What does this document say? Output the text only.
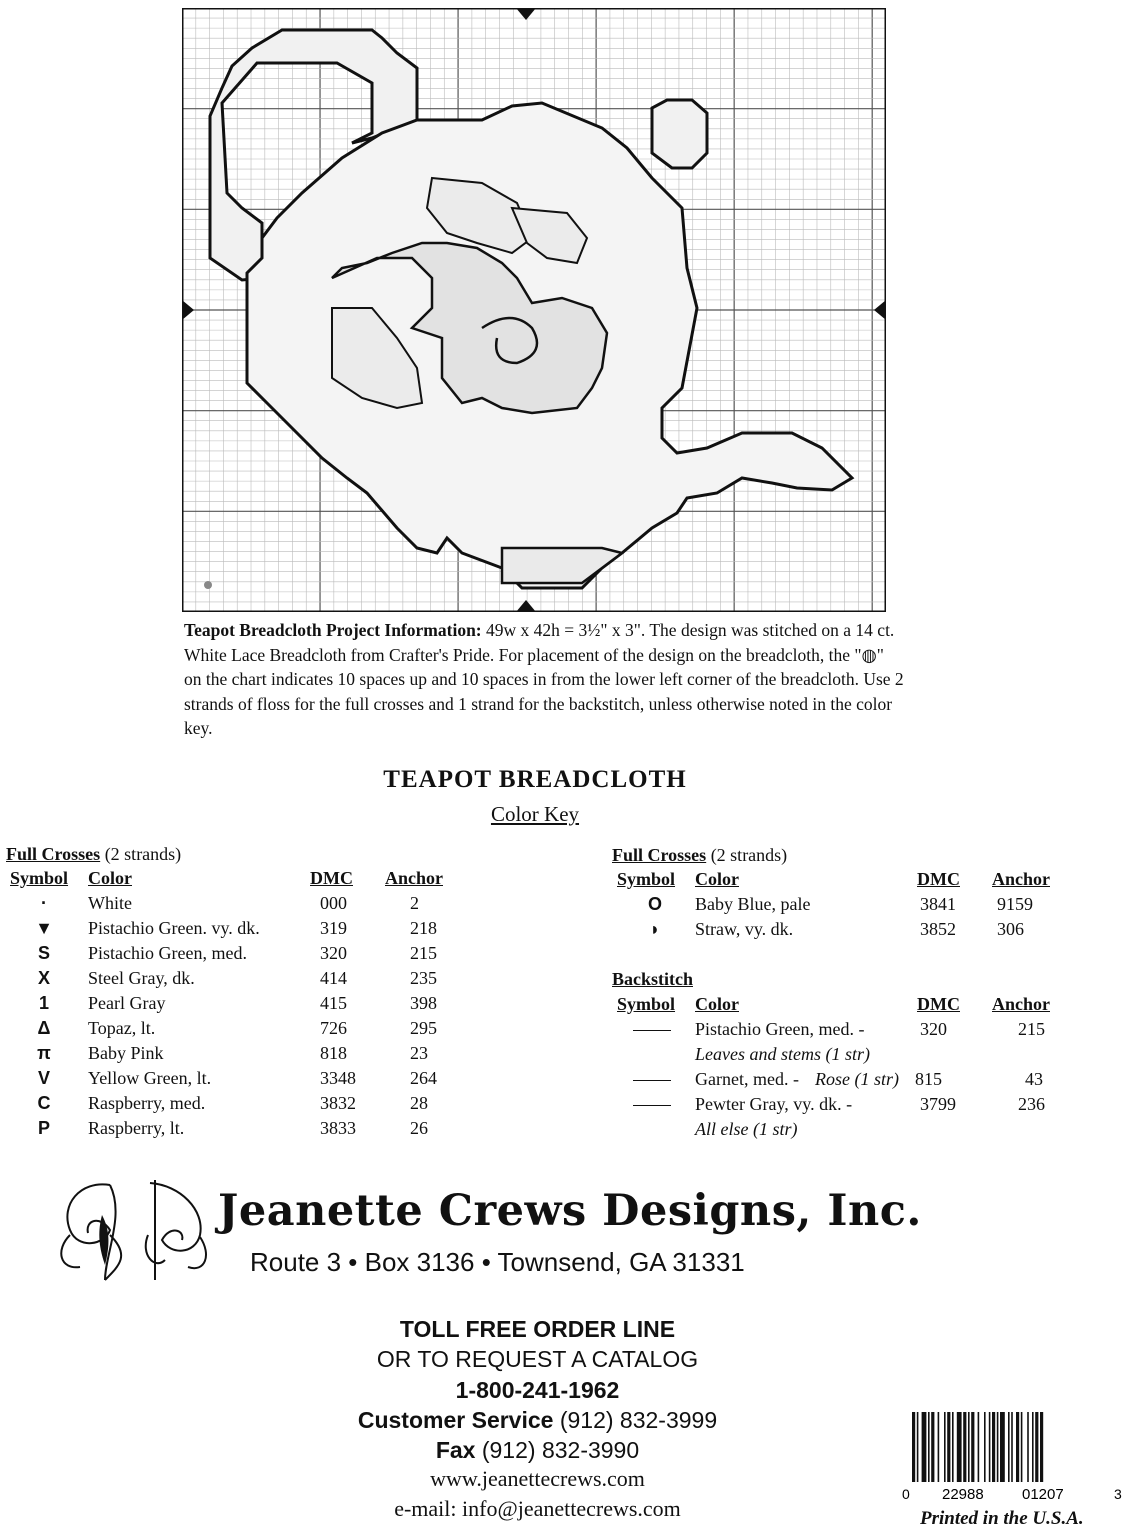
Teapot Breadcloth Project Information: 49w x 42h = 3½" x 3". The design was stitched on a 14 ct. White Lace Breadcloth from Crafter's Pride. For placement of the design on the breadcloth, the "◍" on the chart indicates 10 spaces up and 10 spaces in from the lower left corner of the breadcloth. Use 2 strands of floss for the full crosses and 1 strand for the backstitch, unless otherwise noted in the color key.
TEAPOT BREADCLOTH
Color Key
Full Crosses (2 strands)
Symbol Color	DMC Anchor
·	White	000	2
▼	Pistachio Green. vy. dk.	319	218
S	Pistachio Green, med.	320	215
X	Steel Gray, dk.	414	235
1	Pearl Gray	415	398
Δ	Topaz, lt.	726	295
π	Baby Pink	818	23
V	Yellow Green, lt.	3348	264
C	Raspberry, med.	3832	28
P	Raspberry, lt.	3833	26
Full Crosses (2 strands)
Symbol Color	DMC Anchor
O	Baby Blue, pale	3841 9159
◗	Straw, vy. dk.	3852 306
Backstitch
Symbol Color	DMC Anchor
Pistachio Green, med. -	320	215
Leaves and stems (1 str)
Garnet, med. - Rose (1 str) 815	43
Pewter Gray, vy. dk. -	3799	236
All else (1 str)
Jeanette Crews Designs, Inc.
Route 3 • Box 3136 • Townsend, GA 31331
TOLL FREE ORDER LINE
OR TO REQUEST A CATALOG
1-800-241-1962
Customer Service (912) 832-3999
Fax (912) 832-3990
www.jeanettecrews.com
e-mail: info@jeanettecrews.com
0 22988	01207	3
Printed in the U.S.A.
